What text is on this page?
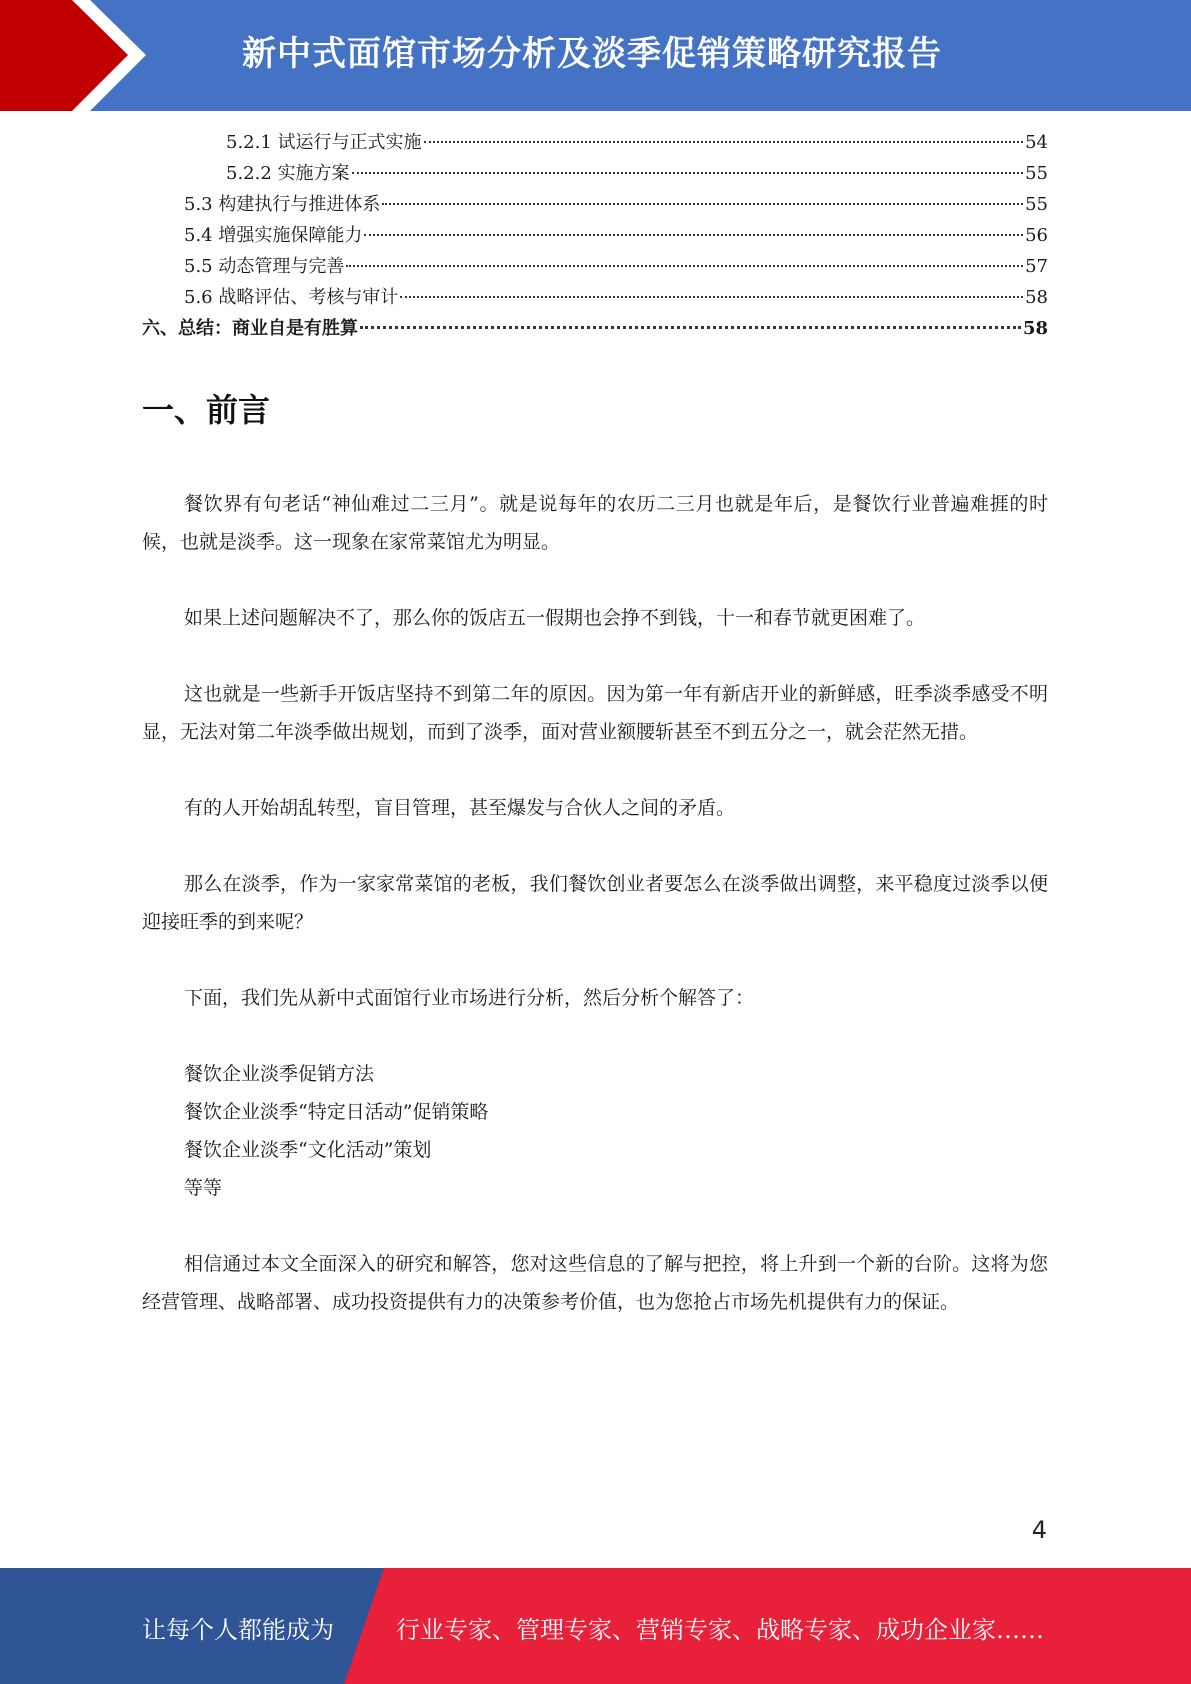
新中式面馆市场分析及淡季促销策略研究报告
5.2.1 试运行与正式实施	54
5.2.2 实施方案	55
5.3 构建执行与推进体系	55
5.4 增强实施保障能力	56
5.5 动态管理与完善	57
5.6 战略评估、考核与审计	58
六、总结：商业自是有胜算	58
一、前言

餐饮界有句老话“神仙难过二三月”。就是说每年的农历二三月也就是年后，是餐饮行业普遍难捱的时候，也就是淡季。这一现象在家常菜馆尤为明显。

如果上述问题解决不了，那么你的饭店五一假期也会挣不到钱，十一和春节就更困难了。

这也就是一些新手开饭店坚持不到第二年的原因。因为第一年有新店开业的新鲜感，旺季淡季感受不明显，无法对第二年淡季做出规划，而到了淡季，面对营业额腰斩甚至不到五分之一，就会茫然无措。

有的人开始胡乱转型，盲目管理，甚至爆发与合伙人之间的矛盾。

那么在淡季，作为一家家常菜馆的老板，我们餐饮创业者要怎么在淡季做出调整，来平稳度过淡季以便迎接旺季的到来呢？

下面，我们先从新中式面馆行业市场进行分析，然后分析个解答了：

餐饮企业淡季促销方法
餐饮企业淡季“特定日活动”促销策略
餐饮企业淡季“文化活动”策划
等等

相信通过本文全面深入的研究和解答，您对这些信息的了解与把控，将上升到一个新的台阶。这将为您经营管理、战略部署、成功投资提供有力的决策参考价值，也为您抢占市场先机提供有力的保证。

4
让每个人都能成为	行业专家、管理专家、营销专家、战略专家、成功企业家……
